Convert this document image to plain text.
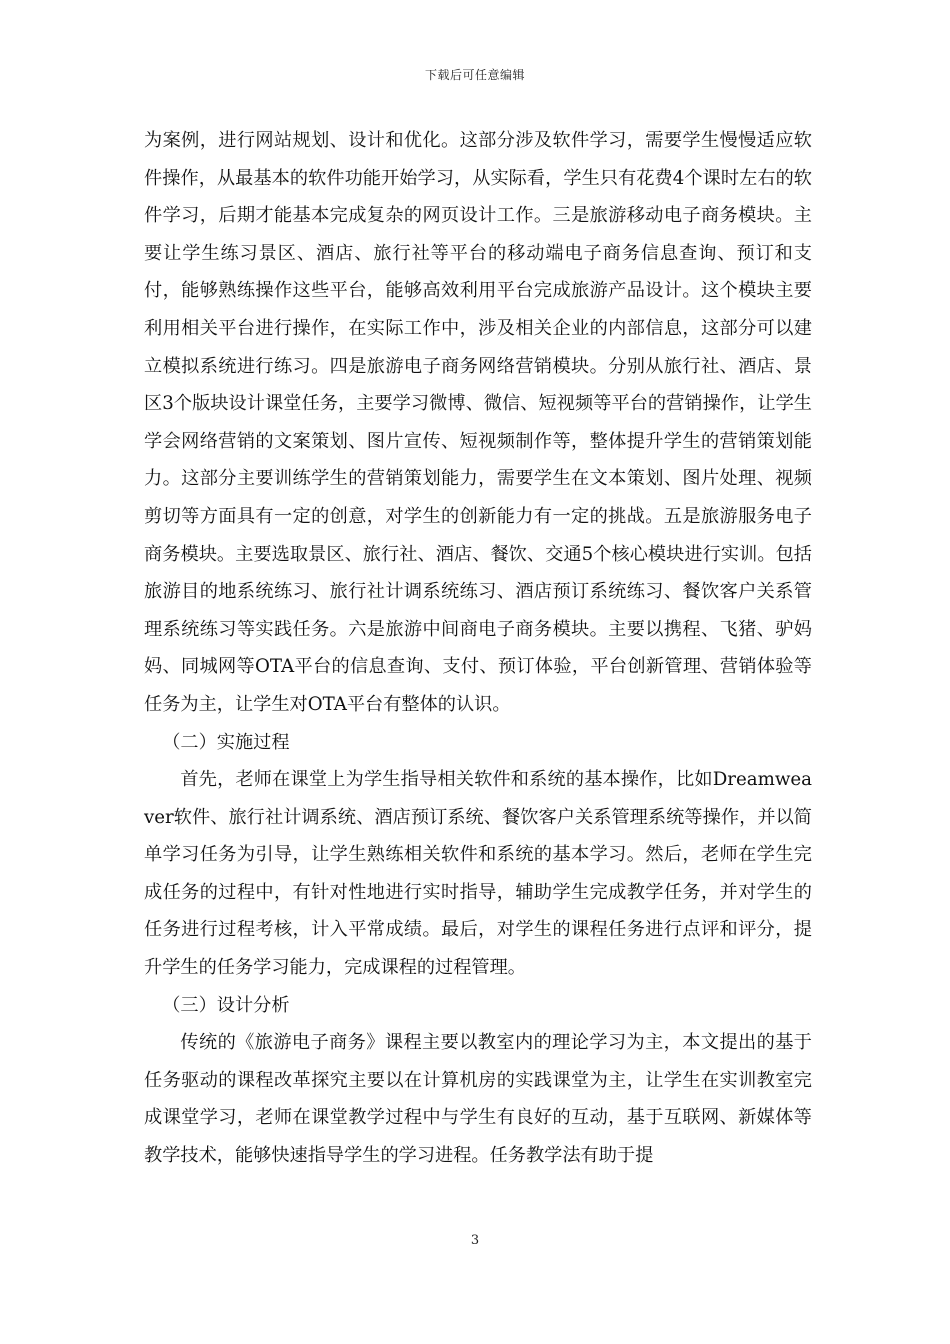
下载后可任意编辑

为案例，进行网站规划、设计和优化。这部分涉及软件学习，需要学生慢慢适应软件操作，从最基本的软件功能开始学习，从实际看，学生只有花费4个课时左右的软件学习，后期才能基本完成复杂的网页设计工作。三是旅游移动电子商务模块。主要让学生练习景区、酒店、旅行社等平台的移动端电子商务信息查询、预订和支付，能够熟练操作这些平台，能够高效利用平台完成旅游产品设计。这个模块主要利用相关平台进行操作，在实际工作中，涉及相关企业的内部信息，这部分可以建立模拟系统进行练习。四是旅游电子商务网络营销模块。分别从旅行社、酒店、景区3个版块设计课堂任务，主要学习微博、微信、短视频等平台的营销操作，让学生学会网络营销的文案策划、图片宣传、短视频制作等，整体提升学生的营销策划能力。这部分主要训练学生的营销策划能力，需要学生在文本策划、图片处理、视频剪切等方面具有一定的创意，对学生的创新能力有一定的挑战。五是旅游服务电子商务模块。主要选取景区、旅行社、酒店、餐饮、交通5个核心模块进行实训。包括旅游目的地系统练习、旅行社计调系统练习、酒店预订系统练习、餐饮客户关系管理系统练习等实践任务。六是旅游中间商电子商务模块。主要以携程、飞猪、驴妈妈、同城网等OTA平台的信息查询、支付、预订体验，平台创新管理、营销体验等任务为主，让学生对OTA平台有整体的认识。

（二）实施过程

首先，老师在课堂上为学生指导相关软件和系统的基本操作，比如Dreamweaver软件、旅行社计调系统、酒店预订系统、餐饮客户关系管理系统等操作，并以简单学习任务为引导，让学生熟练相关软件和系统的基本学习。然后，老师在学生完成任务的过程中，有针对性地进行实时指导，辅助学生完成教学任务，并对学生的任务进行过程考核，计入平常成绩。最后，对学生的课程任务进行点评和评分，提升学生的任务学习能力，完成课程的过程管理。

（三）设计分析

传统的《旅游电子商务》课程主要以教室内的理论学习为主，本文提出的基于任务驱动的课程改革探究主要以在计算机房的实践课堂为主，让学生在实训教室完成课堂学习，老师在课堂教学过程中与学生有良好的互动，基于互联网、新媒体等教学技术，能够快速指导学生的学习进程。任务教学法有助于提

3
